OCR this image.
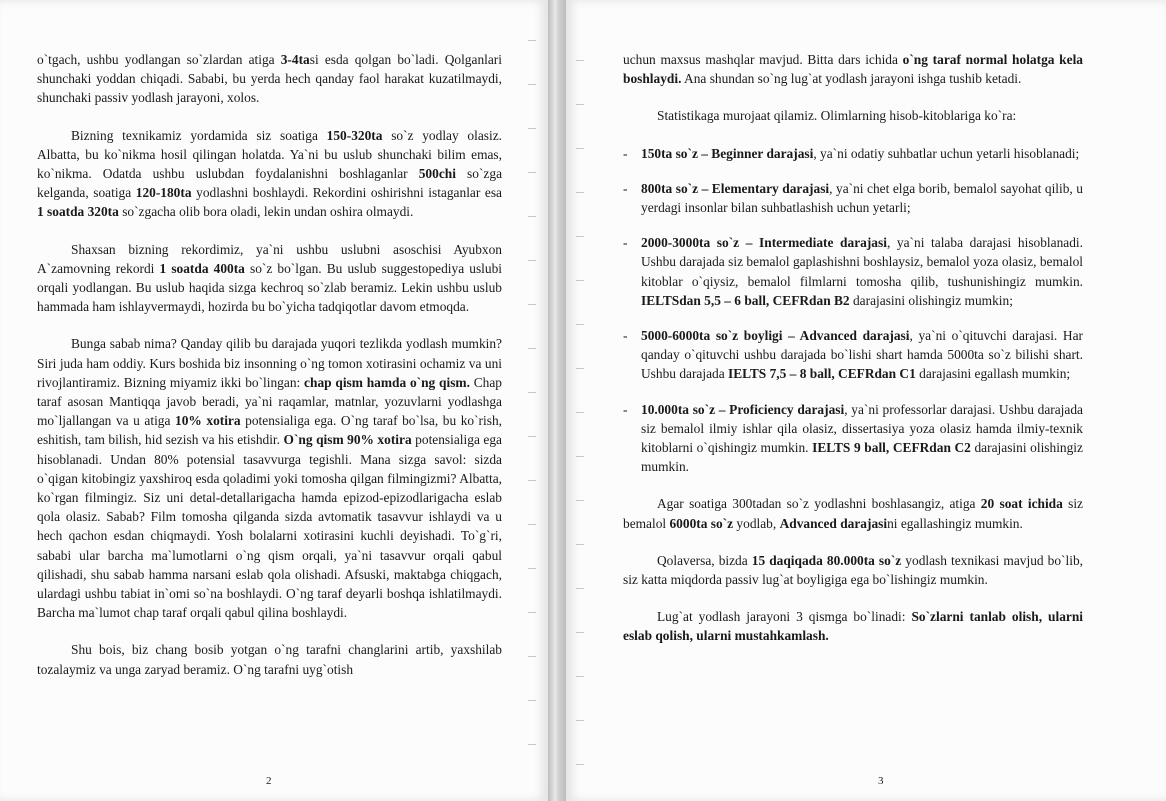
o`tgach, ushbu yodlangan so`zlardan atiga 3-4tasi esda qolgan bo`ladi. Qolganlari shunchaki yoddan chiqadi. Sababi, bu yerda hech qanday faol harakat kuzatilmaydi, shunchaki passiv yodlash jarayoni, xolos.

Bizning texnikamiz yordamida siz soatiga 150-320ta so`z yodlay olasiz. Albatta, bu ko`nikma hosil qilingan holatda. Ya`ni bu uslub shunchaki bilim emas, ko`nikma. Odatda ushbu uslubdan foydalanishni boshlaganlar 500chi so`zga kelganda, soatiga 120-180ta yodlashni boshlaydi. Rekordini oshirishni istaganlar esa 1 soatda 320ta so`zgacha olib bora oladi, lekin undan oshira olmaydi.

Shaxsan bizning rekordimiz, ya`ni ushbu uslubni asoschisi Ayubxon A`zamovning rekordi 1 soatda 400ta so`z bo`lgan. Bu uslub suggestopediya uslubi orqali yodlangan. Bu uslub haqida sizga kechroq so`zlab beramiz. Lekin ushbu uslub hammada ham ishlayvermaydi, hozirda bu bo`yicha tadqiqotlar davom etmoqda.

Bunga sabab nima? Qanday qilib bu darajada yuqori tezlikda yodlash mumkin? Siri juda ham oddiy. Kurs boshida biz insonning o`ng tomon xotirasini ochamiz va uni rivojlantiramiz. Bizning miyamiz ikki bo`lingan: chap qism hamda o`ng qism. Chap taraf asosan Mantiqqa javob beradi, ya`ni raqamlar, matnlar, yozuvlarni yodlashga mo`ljallangan va u atiga 10% xotira potensialiga ega. O`ng taraf bo`lsa, bu ko`rish, eshitish, tam bilish, hid sezish va his etishdir. O`ng qism 90% xotira potensialiga ega hisoblanadi. Undan 80% potensial tasavvurga tegishli. Mana sizga savol: sizda o`qigan kitobingiz yaxshiroq esda qoladimi yoki tomosha qilgan filmingizmi? Albatta, ko`rgan filmingiz. Siz uni detal-detallarigacha hamda epizod-epizodlarigacha eslab qola olasiz. Sabab? Film tomosha qilganda sizda avtomatik tasavvur ishlaydi va u hech qachon esdan chiqmaydi. Yosh bolalarni xotirasini kuchli deyishadi. To`g`ri, sababi ular barcha ma`lumotlarni o`ng qism orqali, ya`ni tasavvur orqali qabul qilishadi, shu sabab hamma narsani eslab qola olishadi. Afsuski, maktabga chiqgach, ulardagi ushbu tabiat in`omi so`na boshlaydi. O`ng taraf deyarli boshqa ishlatilmaydi. Barcha ma`lumot chap taraf orqali qabul qilina boshlaydi.

Shu bois, biz chang bosib yotgan o`ng tarafni changlarini artib, yaxshilab tozalaymiz va unga zaryad beramiz. O`ng tarafni uyg`otish

2

uchun maxsus mashqlar mavjud. Bitta dars ichida o`ng taraf normal holatga kela boshlaydi. Ana shundan so`ng lug`at yodlash jarayoni ishga tushib ketadi.

Statistikaga murojaat qilamiz. Olimlarning hisob-kitoblariga ko`ra:

- 150ta so`z – Beginner darajasi, ya`ni odatiy suhbatlar uchun yetarli hisoblanadi;
- 800ta so`z – Elementary darajasi, ya`ni chet elga borib, bemalol sayohat qilib, u yerdagi insonlar bilan suhbatlashish uchun yetarli;
- 2000-3000ta so`z – Intermediate darajasi, ya`ni talaba darajasi hisoblanadi. Ushbu darajada siz bemalol gaplashishni boshlaysiz, bemalol yoza olasiz, bemalol kitoblar o`qiysiz, bemalol filmlarni tomosha qilib, tushunishingiz mumkin. IELTSdan 5,5 – 6 ball, CEFRdan B2 darajasini olishingiz mumkin;
- 5000-6000ta so`z boyligi – Advanced darajasi, ya`ni o`qituvchi darajasi. Har qanday o`qituvchi ushbu darajada bo`lishi shart hamda 5000ta so`z bilishi shart. Ushbu darajada IELTS 7,5 – 8 ball, CEFRdan C1 darajasini egallash mumkin;
- 10.000ta so`z – Proficiency darajasi, ya`ni professorlar darajasi. Ushbu darajada siz bemalol ilmiy ishlar qila olasiz, dissertasiya yoza olasiz hamda ilmiy-texnik kitoblarni o`qishingiz mumkin. IELTS 9 ball, CEFRdan C2 darajasini olishingiz mumkin.

Agar soatiga 300tadan so`z yodlashni boshlasangiz, atiga 20 soat ichida siz bemalol 6000ta so`z yodlab, Advanced darajasini egallashingiz mumkin.

Qolaversa, bizda 15 daqiqada 80.000ta so`z yodlash texnikasi mavjud bo`lib, siz katta miqdorda passiv lug`at boyligiga ega bo`lishingiz mumkin.

Lug`at yodlash jarayoni 3 qismga bo`linadi: So`zlarni tanlab olish, ularni eslab qolish, ularni mustahkamlash.

3
